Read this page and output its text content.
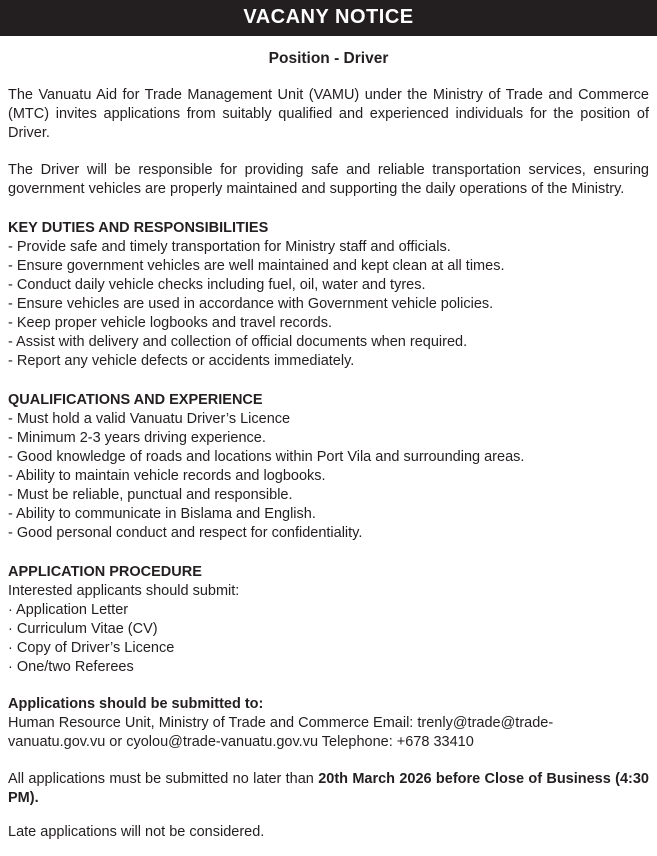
VACANY NOTICE
Position - Driver

The Vanuatu Aid for Trade Management Unit (VAMU) under the Ministry of Trade and Commerce (MTC) invites applications from suitably qualified and experienced individuals for the position of Driver.

The Driver will be responsible for providing safe and reliable transportation services, ensuring government vehicles are properly maintained and supporting the daily operations of the Ministry.

KEY DUTIES AND RESPONSIBILITIES
- Provide safe and timely transportation for Ministry staff and officials.
- Ensure government vehicles are well maintained and kept clean at all times.
- Conduct daily vehicle checks including fuel, oil, water and tyres.
- Ensure vehicles are used in accordance with Government vehicle policies.
- Keep proper vehicle logbooks and travel records.
- Assist with delivery and collection of official documents when required.
- Report any vehicle defects or accidents immediately.
QUALIFICATIONS AND EXPERIENCE
- Must hold a valid Vanuatu Driver’s Licence
- Minimum 2-3 years driving experience.
- Good knowledge of roads and locations within Port Vila and surrounding areas.
- Ability to maintain vehicle records and logbooks.
- Must be reliable, punctual and responsible.
- Ability to communicate in Bislama and English.
- Good personal conduct and respect for confidentiality.
APPLICATION PROCEDURE
Interested applicants should submit:
· Application Letter
· Curriculum Vitae (CV)
· Copy of Driver’s Licence
· One/two Referees
Applications should be submitted to:
Human Resource Unit, Ministry of Trade and Commerce Email: trenly@trade@trade-vanuatu.gov.vu or cyolou@trade-vanuatu.gov.vu Telephone: +678 33410

All applications must be submitted no later than 20th March 2026 before Close of Business (4:30 PM).

Late applications will not be considered.
